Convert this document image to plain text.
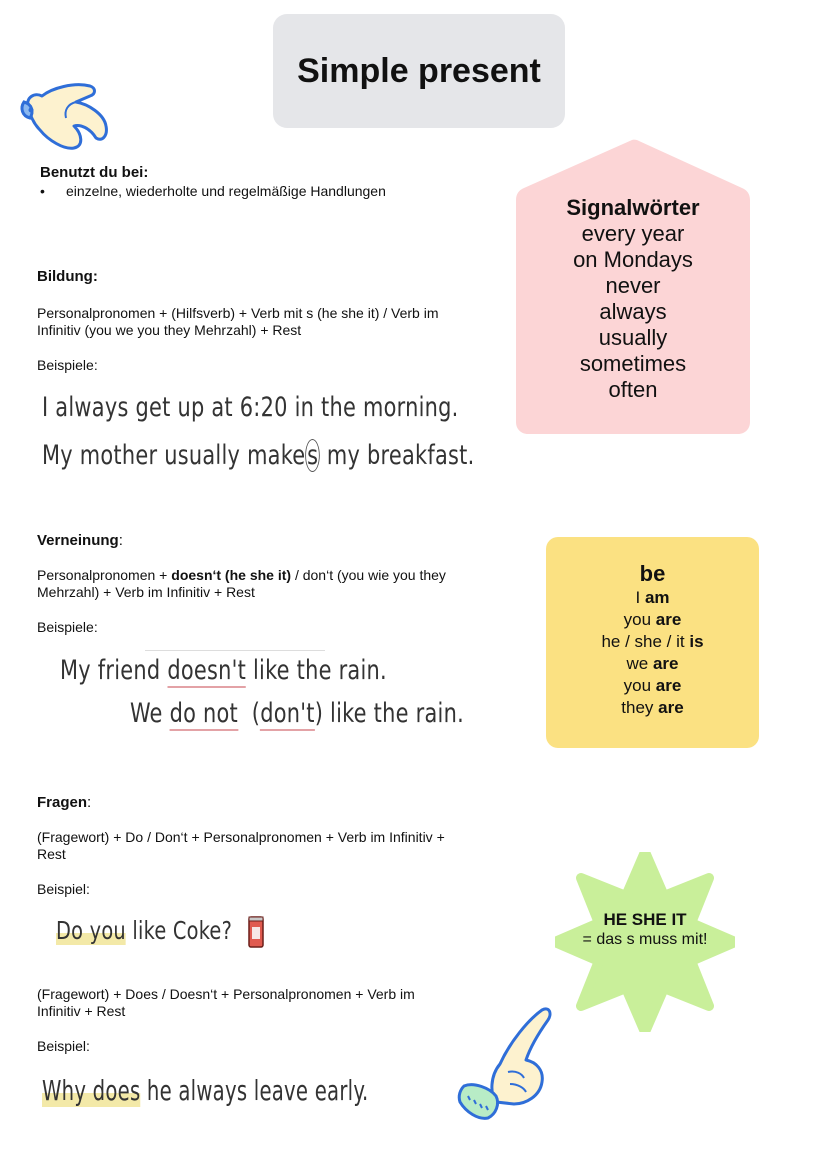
Simple present
Benutzt du bei:
• einzelne, wiederholte und regelmäßige Handlungen
Signalwörter
every year
on Mondays
never
always
usually
sometimes
often
Bildung:
Personalpronomen + (Hilfsverb) + Verb mit s (he she it) / Verb im
Infinitiv (you we you they Mehrzahl) + Rest
Beispiele:
I always get up at 6:20 in the morning.
My mother usually makes my breakfast.
Verneinung:
Personalpronomen + doesn‘t (he she it) / don‘t (you wie you they
Mehrzahl) + Verb im Infinitiv + Rest
Beispiele:
My friend doesn't like the rain.
We do not  (don't) like the rain.
be
I am
you are
he / she / it is
we are
you are
they are
Fragen:
(Fragewort) + Do / Don‘t + Personalpronomen + Verb im Infinitiv +
Rest
Beispiel:
Do you like Coke?
(Fragewort) + Does / Doesn‘t + Personalpronomen + Verb im
Infinitiv + Rest
Beispiel:
Why does he always leave early.
HE SHE IT
= das s muss mit!
